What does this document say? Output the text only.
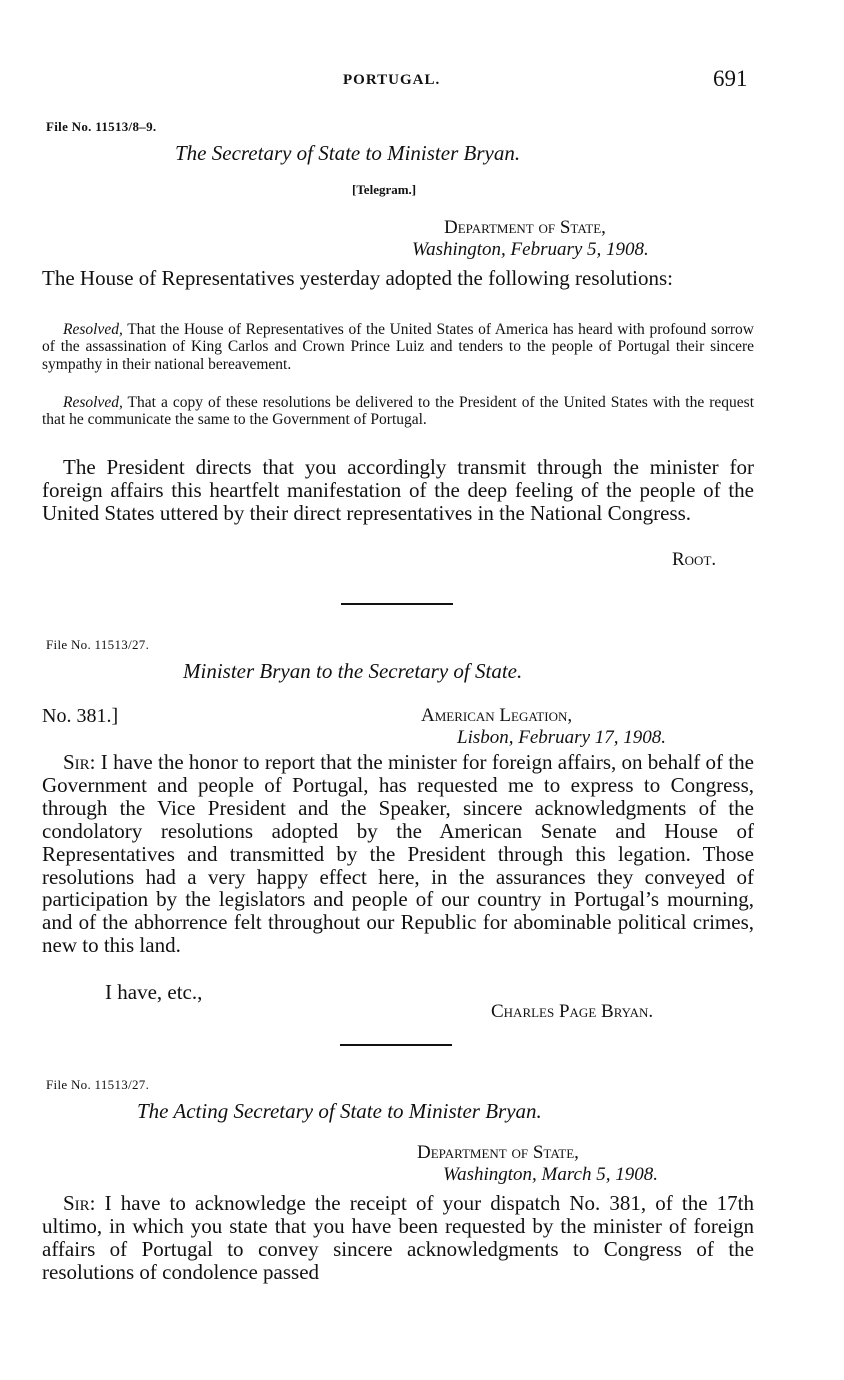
PORTUGAL.	691
File No. 11513/8–9.
The Secretary of State to Minister Bryan.
[Telegram.]
Department of State,
Washington, February 5, 1908.
The House of Representatives yesterday adopted the following resolutions:
Resolved, That the House of Representatives of the United States of America has heard with profound sorrow of the assassination of King Carlos and Crown Prince Luiz and tenders to the people of Portugal their sincere sympathy in their national bereavement.
Resolved, That a copy of these resolutions be delivered to the President of the United States with the request that he communicate the same to the Government of Portugal.
The President directs that you accordingly transmit through the minister for foreign affairs this heartfelt manifestation of the deep feeling of the people of the United States uttered by their direct representatives in the National Congress.
Root.
File No. 11513/27.
Minister Bryan to the Secretary of State.
No. 381.]	American Legation,
Lisbon, February 17, 1908.
Sir: I have the honor to report that the minister for foreign affairs, on behalf of the Government and people of Portugal, has requested me to express to Congress, through the Vice President and the Speaker, sincere acknowledgments of the condolatory resolutions adopted by the American Senate and House of Representatives and transmitted by the President through this legation. Those resolutions had a very happy effect here, in the assurances they conveyed of participation by the legislators and people of our country in Portugal’s mourning, and of the abhorrence felt throughout our Republic for abominable political crimes, new to this land.
I have, etc.,
Charles Page Bryan.
File No. 11513/27.
The Acting Secretary of State to Minister Bryan.
Department of State,
Washington, March 5, 1908.
Sir: I have to acknowledge the receipt of your dispatch No. 381, of the 17th ultimo, in which you state that you have been requested by the minister of foreign affairs of Portugal to convey sincere acknowledgments to Congress of the resolutions of condolence passed
